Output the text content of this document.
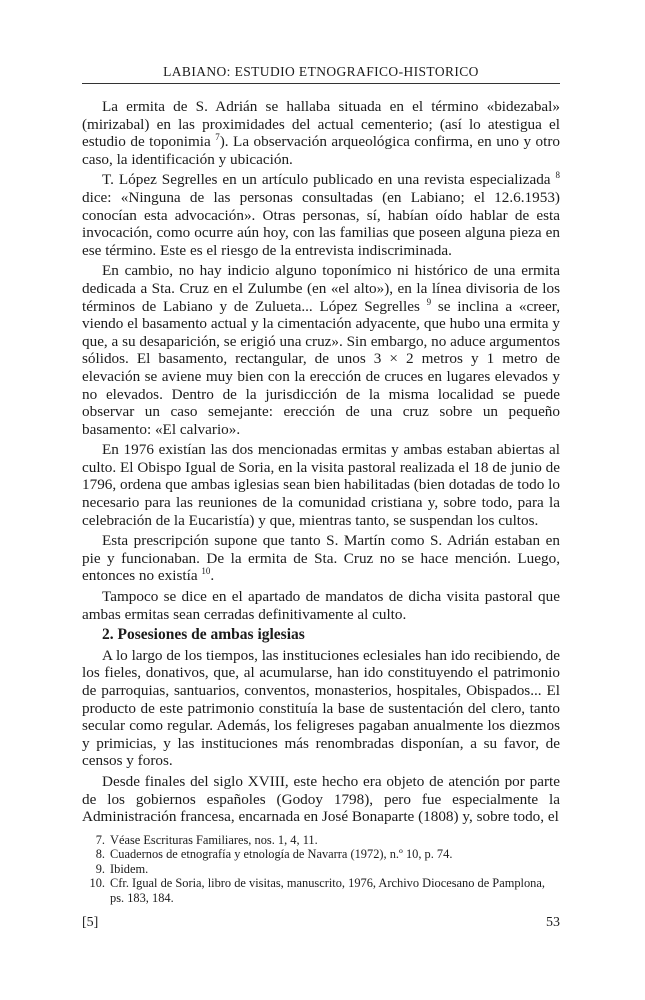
LABIANO: ESTUDIO ETNOGRAFICO-HISTORICO

La ermita de S. Adrián se hallaba situada en el término «bidezabal» (mirizabal) en las proximidades del actual cementerio; (así lo atestigua el estudio de toponimia $^7$). La observación arqueológica confirma, en uno y otro caso, la identificación y ubicación.

T. López Segrelles en un artículo publicado en una revista especializada $^8$ dice: «Ninguna de las personas consultadas (en Labiano; el 12.6.1953) conocían esta advocación». Otras personas, sí, habían oído hablar de esta invocación, como ocurre aún hoy, con las familias que poseen alguna pieza en ese término. Este es el riesgo de la entrevista indiscriminada.

En cambio, no hay indicio alguno toponímico ni histórico de una ermita dedicada a Sta. Cruz en el Zulumbe (en «el alto»), en la línea divisoria de los términos de Labiano y de Zulueta... López Segrelles $^9$ se inclina a «creer, viendo el basamento actual y la cimentación adyacente, que hubo una ermita y que, a su desaparición, se erigió una cruz». Sin embargo, no aduce argumentos sólidos. El basamento, rectangular, de unos 3 × 2 metros y 1 metro de elevación se aviene muy bien con la erección de cruces en lugares elevados y no elevados. Dentro de la jurisdicción de la misma localidad se puede observar un caso semejante: erección de una cruz sobre un pequeño basamento: «El calvario».

En 1976 existían las dos mencionadas ermitas y ambas estaban abiertas al culto. El Obispo Igual de Soria, en la visita pastoral realizada el 18 de junio de 1796, ordena que ambas iglesias sean bien habilitadas (bien dotadas de todo lo necesario para las reuniones de la comunidad cristiana y, sobre todo, para la celebración de la Eucaristía) y que, mientras tanto, se suspendan los cultos.

Esta prescripción supone que tanto S. Martín como S. Adrián estaban en pie y funcionaban. De la ermita de Sta. Cruz no se hace mención. Luego, entonces no existía $^{10}$.

Tampoco se dice en el apartado de mandatos de dicha visita pastoral que ambas ermitas sean cerradas definitivamente al culto.

2. Posesiones de ambas iglesias

A lo largo de los tiempos, las instituciones eclesiales han ido recibiendo, de los fieles, donativos, que, al acumularse, han ido constituyendo el patrimonio de parroquias, santuarios, conventos, monasterios, hospitales, Obispados... El producto de este patrimonio constituía la base de sustentación del clero, tanto secular como regular. Además, los feligreses pagaban anualmente los diezmos y primicias, y las instituciones más renombradas disponían, a su favor, de censos y foros.

Desde finales del siglo XVIII, este hecho era objeto de atención por parte de los gobiernos españoles (Godoy 1798), pero fue especialmente la Administración francesa, encarnada en José Bonaparte (1808) y, sobre todo, el

7. Véase Escrituras Familiares, nos. 1, 4, 11.
8. Cuadernos de etnografía y etnología de Navarra (1972), n.º 10, p. 74.
9. Ibidem.
10. Cfr. Igual de Soria, libro de visitas, manuscrito, 1976, Archivo Diocesano de Pamplona, ps. 183, 184.
[5]	53
